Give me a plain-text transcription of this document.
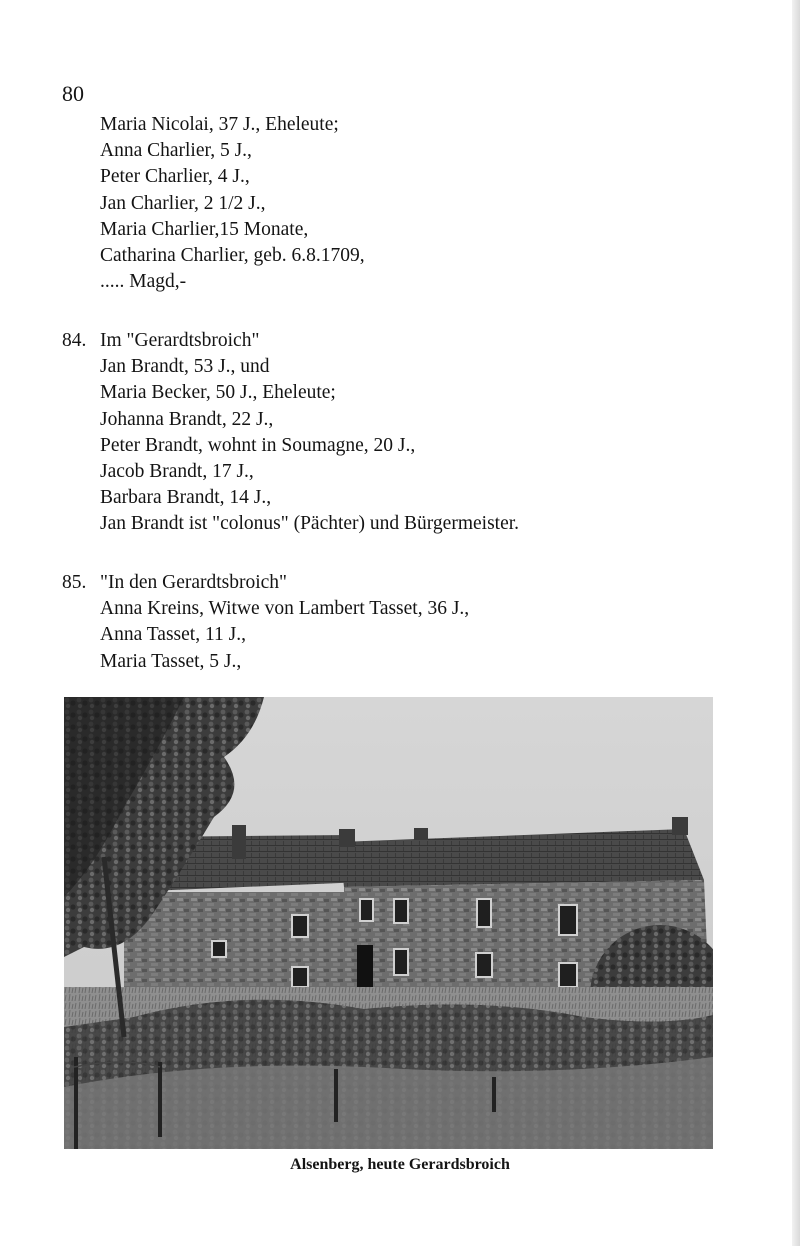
80
Maria Nicolai, 37 J., Eheleute;
Anna Charlier, 5 J.,
Peter Charlier, 4 J.,
Jan Charlier, 2 1/2 J.,
Maria Charlier,15 Monate,
Catharina Charlier, geb. 6.8.1709,
..... Magd,-
84. Im "Gerardtsbroich"
Jan Brandt, 53 J., und
Maria Becker, 50 J., Eheleute;
Johanna Brandt, 22 J.,
Peter Brandt, wohnt in Soumagne, 20 J.,
Jacob Brandt, 17 J.,
Barbara Brandt, 14 J.,
Jan Brandt ist "colonus" (Pächter) und Bürgermeister.
85. "In den Gerardtsbroich"
Anna Kreins, Witwe von Lambert Tasset, 36 J.,
Anna Tasset, 11 J.,
Maria Tasset, 5 J.,
Alsenberg, heute Gerardsbroich
